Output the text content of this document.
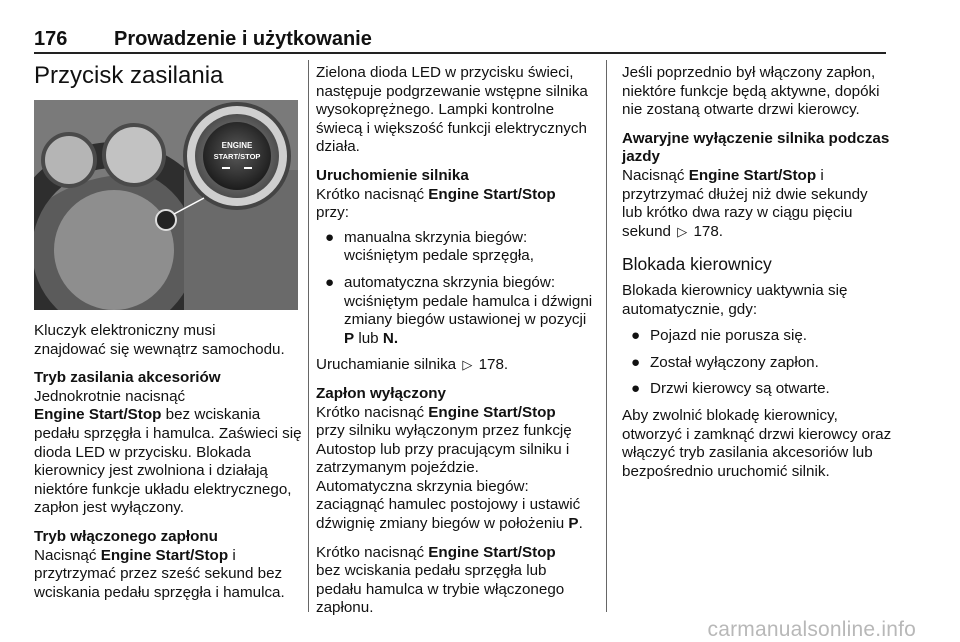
176 Prowadzenie i użytkowanie
Przycisk zasilania
ENGINE
START/STOP

Kluczyk elektroniczny musi
znajdować się wewnątrz samochodu.

Tryb zasilania akcesoriów
Jednokrotnie nacisnąć
Engine Start/Stop bez wciskania pedału sprzęgła i hamulca. Zaświeci się dioda LED w przycisku. Blokada kierownicy jest zwolniona i działają niektóre funkcje układu elektrycznego, zapłon jest wyłączony.

Tryb włączonego zapłonu
Nacisnąć Engine Start/Stop i przytrzymać przez sześć sekund bez wciskania pedału sprzęgła i hamulca.

Zielona dioda LED w przycisku świeci, następuje podgrzewanie wstępne silnika wysokoprężnego. Lampki kontrolne świecą i większość funkcji elektrycznych działa.

Uruchomienie silnika
Krótko nacisnąć Engine Start/Stop
przy:

● manualna skrzynia biegów: wciśniętym pedale sprzęgła,
● automatyczna skrzynia biegów: wciśniętym pedale hamulca i dźwigni zmiany biegów ustawionej w pozycji P lub N.

Uruchamianie silnika ▷ 178.

Zapłon wyłączony
Krótko nacisnąć Engine Start/Stop
przy silniku wyłączonym przez funkcję Autostop lub przy pracującym silniku i zatrzymanym pojeździe.
Automatyczna skrzynia biegów: zaciągnąć hamulec postojowy i ustawić dźwignię zmiany biegów w położeniu P.

Krótko nacisnąć Engine Start/Stop
bez wciskania pedału sprzęgła lub pedału hamulca w trybie włączonego zapłonu.

Jeśli poprzednio był włączony zapłon, niektóre funkcje będą aktywne, dopóki nie zostaną otwarte drzwi kierowcy.

Awaryjne wyłączenie silnika podczas jazdy
Nacisnąć Engine Start/Stop i przytrzymać dłużej niż dwie sekundy lub krótko dwa razy w ciągu pięciu sekund ▷ 178.

Blokada kierownicy

Blokada kierownicy uaktywnia się automatycznie, gdy:

● Pojazd nie porusza się.
● Został wyłączony zapłon.
● Drzwi kierowcy są otwarte.

Aby zwolnić blokadę kierownicy, otworzyć i zamknąć drzwi kierowcy oraz włączyć tryb zasilania akcesoriów lub bezpośrednio uruchomić silnik.

carmanualsonline.info
